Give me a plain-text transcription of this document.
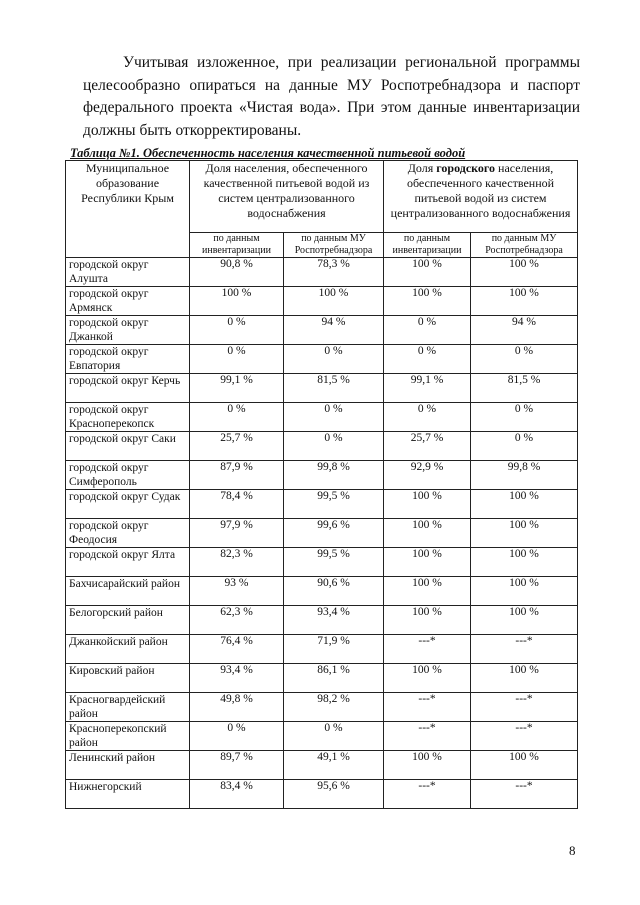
Учитывая изложенное, при реализации региональной программы
целесообразно опираться на данные МУ Роспотребнадзора и паспорт
федерального проекта «Чистая вода». При этом данные инвентаризации
должны быть откорректированы.

Таблица №1. Обеспеченность населения качественной питьевой водой

Муниципальное образование Республики Крым	Доля населения, обеспеченного качественной питьевой водой из систем централизованного водоснабжения		Доля городского населения, обеспеченного качественной питьевой водой из систем централизованного водоснабжения	
	по данным инвентаризации	по данным МУ Роспотребнадзора	по данным инвентаризации	по данным МУ Роспотребнадзора
городской округ Алушта	90,8 %	78,3 %	100 %	100 %
городской округ Армянск	100 %	100 %	100 %	100 %
городской округ Джанкой	0 %	94 %	0 %	94 %
городской округ Евпатория	0 %	0 %	0 %	0 %
городской округ Керчь	99,1 %	81,5 %	99,1 %	81,5 %
городской округ Красноперекопск	0 %	0 %	0 %	0 %
городской округ Саки	25,7 %	0 %	25,7 %	0 %
городской округ Симферополь	87,9 %	99,8 %	92,9 %	99,8 %
городской округ Судак	78,4 %	99,5 %	100 %	100 %
городской округ Феодосия	97,9 %	99,6 %	100 %	100 %
городской округ Ялта	82,3 %	99,5 %	100 %	100 %
Бахчисарайский район	93 %	90,6 %	100 %	100 %
Белогорский район	62,3 %	93,4 %	100 %	100 %
Джанкойский район	76,4 %	71,9 %	---*	---*
Кировский район	93,4 %	86,1 %	100 %	100 %
Красногвардейский район	49,8 %	98,2 %	---*	---*
Красноперекопский район	0 %	0 %	---*	---*
Ленинский район	89,7 %	49,1 %	100 %	100 %
Нижнегорский	83,4 %	95,6 %	---*	---*

8
